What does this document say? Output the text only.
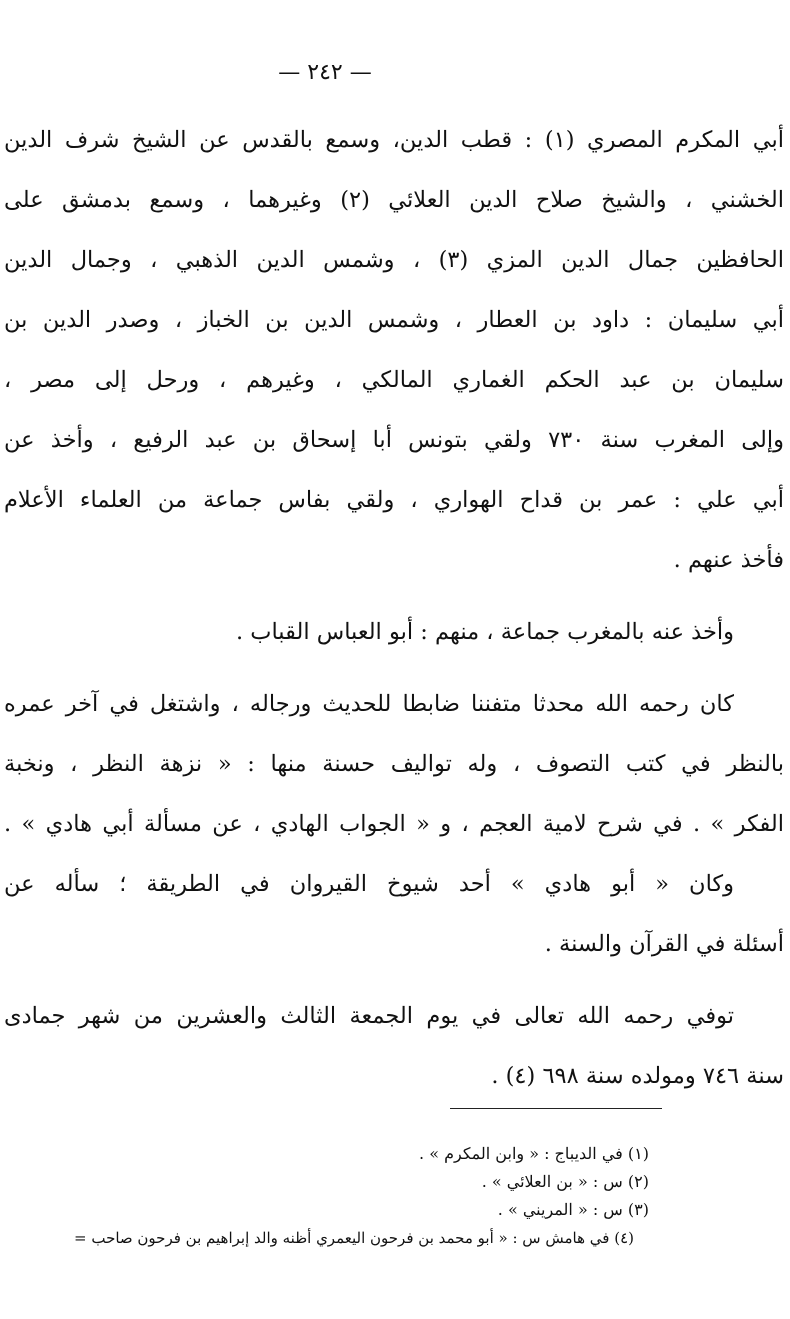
— ٢٤٢ —
أبي المكرم المصري (١) : قطب الدين، وسمع بالقدس عن الشيخ شرف الدين
الخشني ، والشيخ صلاح الدين العلائي (٢) وغيرهما ، وسمع بدمشق على
الحافظين جمال الدين المزي (٣) ، وشمس الدين الذهبي ، وجمال الدين
أبي سليمان : داود بن العطار ، وشمس الدين بن الخباز ، وصدر الدين بن
سليمان بن عبد الحكم الغماري المالكي ، وغيرهم ، ورحل إلى مصر ،
وإلى المغرب سنة ٧٣٠ ولقي بتونس أبا إسحاق بن عبد الرفيع ، وأخذ عن
أبي علي : عمر بن قداح الهواري ، ولقي بفاس جماعة من العلماء الأعلام
فأخذ عنهم .
وأخذ عنه بالمغرب جماعة ، منهم : أبو العباس القباب .
كان رحمه الله محدثا متفننا ضابطا للحديث ورجاله ، واشتغل في آخر عمره
بالنظر في كتب التصوف ، وله تواليف حسنة منها : « نزهة النظر ، ونخبة
الفكر » . في شرح لامية العجم ، و « الجواب الهادي ، عن مسألة أبي هادي » .
وكان « أبو هادي » أحد شيوخ القيروان في الطريقة ؛ سأله عن
أسئلة في القرآن والسنة .
توفي رحمه الله تعالى في يوم الجمعة الثالث والعشرين من شهر جمادى
سنة ٧٤٦ ومولده سنة ٦٩٨ (٤) .
(١) في الديباج : « وابن المكرم » .
(٢) س : « بن العلائي » .
(٣) س : « المريني » .
(٤) في هامش س : « أبو محمد بن فرحون اليعمري أظنه والد إبراهيم بن فرحون صاحب =
